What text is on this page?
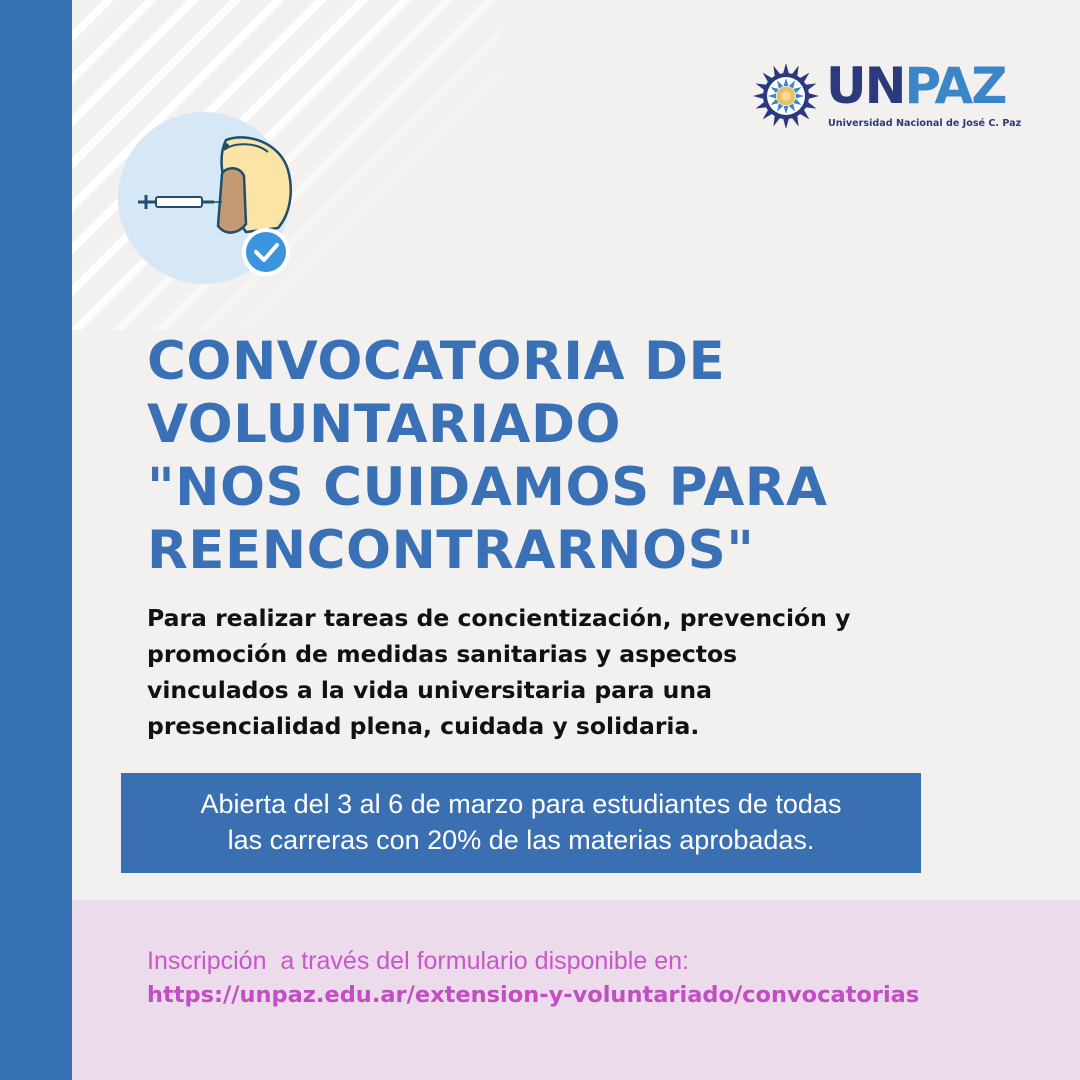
UNPAZ
Universidad Nacional de José C. Paz
CONVOCATORIA DE
VOLUNTARIADO
"NOS CUIDAMOS PARA
REENCONTRARNOS"
Para realizar tareas de concientización, prevención y
promoción de medidas sanitarias y aspectos
vinculados a la vida universitaria para una
presencialidad plena, cuidada y solidaria.
Abierta del 3 al 6 de marzo para estudiantes de todas
las carreras con 20% de las materias aprobadas.
Inscripción  a través del formulario disponible en:
https://unpaz.edu.ar/extension-y-voluntariado/convocatorias
